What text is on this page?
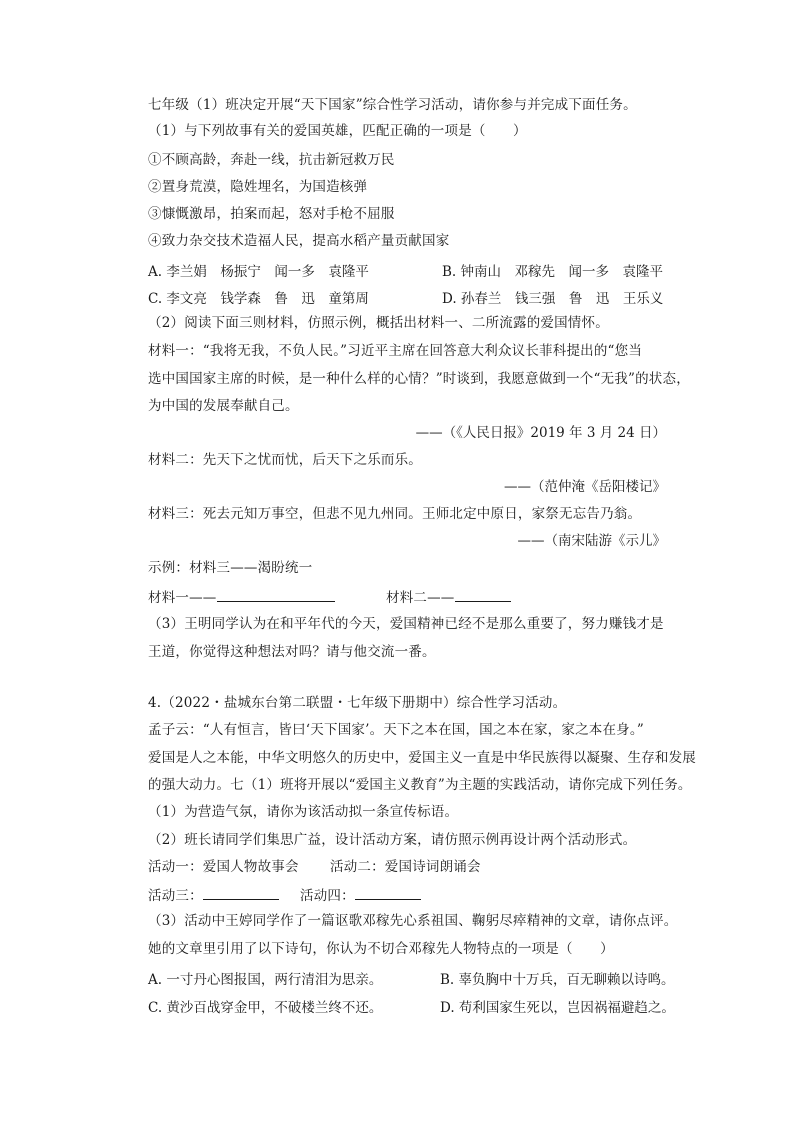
七年级（1）班决定开展“天下国家”综合性学习活动，请你参与并完成下面任务。
（1）与下列故事有关的爱国英雄，匹配正确的一项是（　　）
①不顾高龄，奔赴一线，抗击新冠救万民
②置身荒漠，隐姓埋名，为国造核弹
③慷慨激昂，拍案而起，怒对手枪不屈服
④致力杂交技术造福人民，提高水稻产量贡献国家
A. 李兰娟　杨振宁　闻一多　袁隆平	B. 钟南山　邓稼先　闻一多　袁隆平
C. 李文亮　钱学森　鲁　迅　童第周	D. 孙春兰　钱三强　鲁　迅　王乐义
（2）阅读下面三则材料，仿照示例，概括出材料一、二所流露的爱国情怀。
材料一：“我将无我，不负人民。”习近平主席在回答意大利众议长菲科提出的“您当
选中国国家主席的时候，是一种什么样的心情？”时谈到，我愿意做到一个“无我”的状态，
为中国的发展奉献自己。
——（《人民日报》2019 年 3 月 24 日）
材料二：先天下之忧而忧，后天下之乐而乐。
——（范仲淹《岳阳楼记》
材料三：死去元知万事空，但悲不见九州同。王师北定中原日，家祭无忘告乃翁。
——（南宋陆游《示儿》
示例：材料三——渴盼统一
材料一——	材料二——
（3）王明同学认为在和平年代的今天，爱国精神已经不是那么重要了，努力赚钱才是
王道，你觉得这种想法对吗？请与他交流一番。
4.（2022・盐城东台第二联盟・七年级下册期中）综合性学习活动。
孟子云：“人有恒言，皆曰‘天下国家’。天下之本在国，国之本在家，家之本在身。”
爱国是人之本能，中华文明悠久的历史中，爱国主义一直是中华民族得以凝聚、生存和发展
的强大动力。七（1）班将开展以“爱国主义教育”为主题的实践活动，请你完成下列任务。
（1）为营造气氛，请你为该活动拟一条宣传标语。
（2）班长请同学们集思广益，设计活动方案，请仿照示例再设计两个活动形式。
活动一：爱国人物故事会 活动二：爱国诗词朗诵会
活动三：	活动四：
（3）活动中王婷同学作了一篇讴歌邓稼先心系祖国、鞠躬尽瘁精神的文章，请你点评。
她的文章里引用了以下诗句，你认为不切合邓稼先人物特点的一项是（　　）
A. 一寸丹心图报国，两行清泪为思亲。	B. 辜负胸中十万兵，百无聊赖以诗鸣。
C. 黄沙百战穿金甲，不破楼兰终不还。	D. 苟利国家生死以，岂因祸福避趋之。
